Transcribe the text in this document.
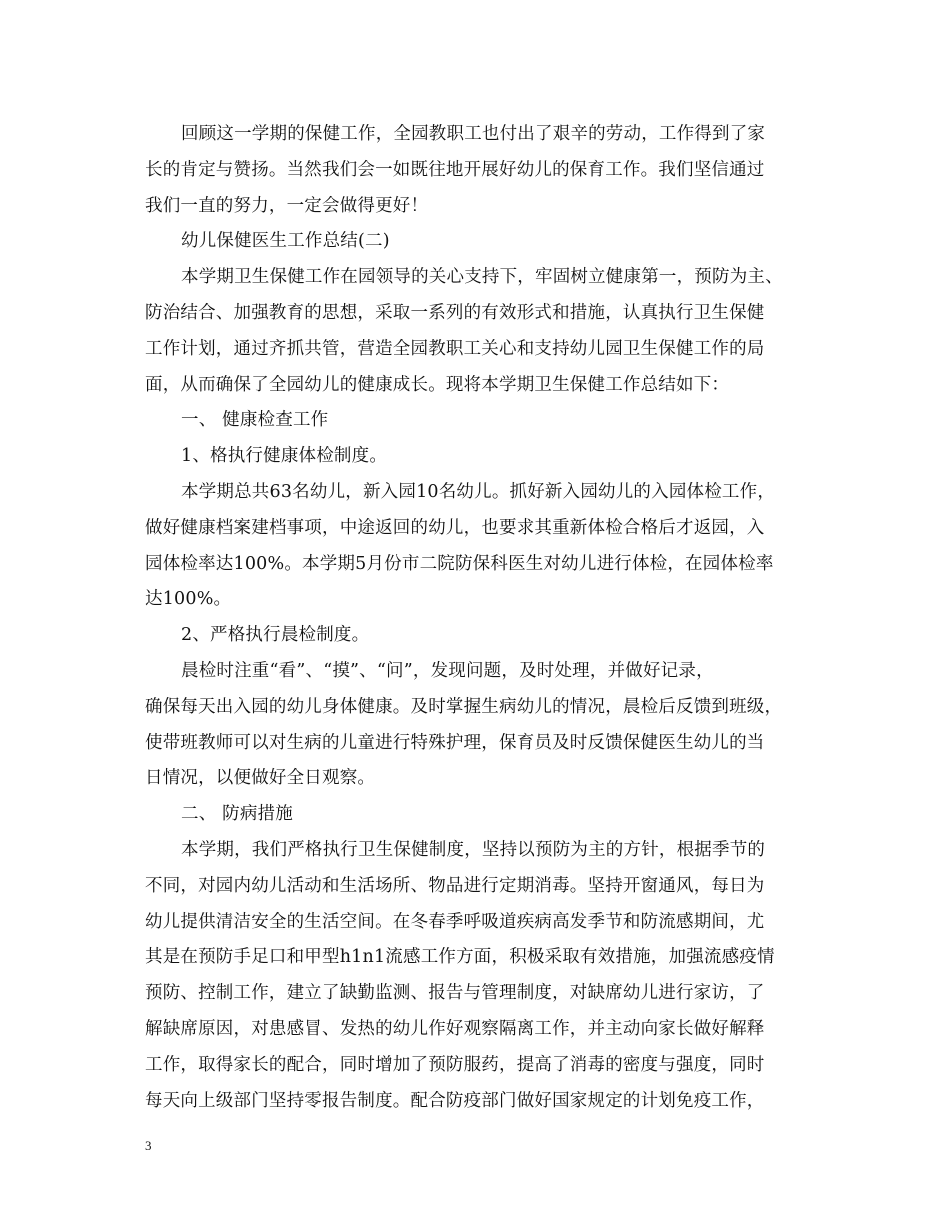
回顾这一学期的保健工作，全园教职工也付出了艰辛的劳动，工作得到了家
长的肯定与赞扬。当然我们会一如既往地开展好幼儿的保育工作。我们坚信通过
我们一直的努力，一定会做得更好！
幼儿保健医生工作总结(二)
本学期卫生保健工作在园领导的关心支持下，牢固树立健康第一，预防为主、
防治结合、加强教育的思想，采取一系列的有效形式和措施，认真执行卫生保健
工作计划，通过齐抓共管，营造全园教职工关心和支持幼儿园卫生保健工作的局
面，从而确保了全园幼儿的健康成长。现将本学期卫生保健工作总结如下：
一、 健康检查工作
1、格执行健康体检制度。
本学期总共63名幼儿，新入园10名幼儿。抓好新入园幼儿的入园体检工作，
做好健康档案建档事项，中途返回的幼儿，也要求其重新体检合格后才返园，入
园体检率达100%。本学期5月份市二院防保科医生对幼儿进行体检，在园体检率
达100%。
2、严格执行晨检制度。
晨检时注重“看”、“摸”、“问”，发现问题，及时处理，并做好记录，
确保每天出入园的幼儿身体健康。及时掌握生病幼儿的情况，晨检后反馈到班级，
使带班教师可以对生病的儿童进行特殊护理，保育员及时反馈保健医生幼儿的当
日情况，以便做好全日观察。
二、 防病措施
本学期，我们严格执行卫生保健制度，坚持以预防为主的方针，根据季节的
不同，对园内幼儿活动和生活场所、物品进行定期消毒。坚持开窗通风，每日为
幼儿提供清洁安全的生活空间。在冬春季呼吸道疾病高发季节和防流感期间，尤
其是在预防手足口和甲型h1n1流感工作方面，积极采取有效措施，加强流感疫情
预防、控制工作，建立了缺勤监测、报告与管理制度，对缺席幼儿进行家访，了
解缺席原因，对患感冒、发热的幼儿作好观察隔离工作，并主动向家长做好解释
工作，取得家长的配合，同时增加了预防服药，提高了消毒的密度与强度，同时
每天向上级部门坚持零报告制度。配合防疫部门做好国家规定的计划免疫工作，
3
